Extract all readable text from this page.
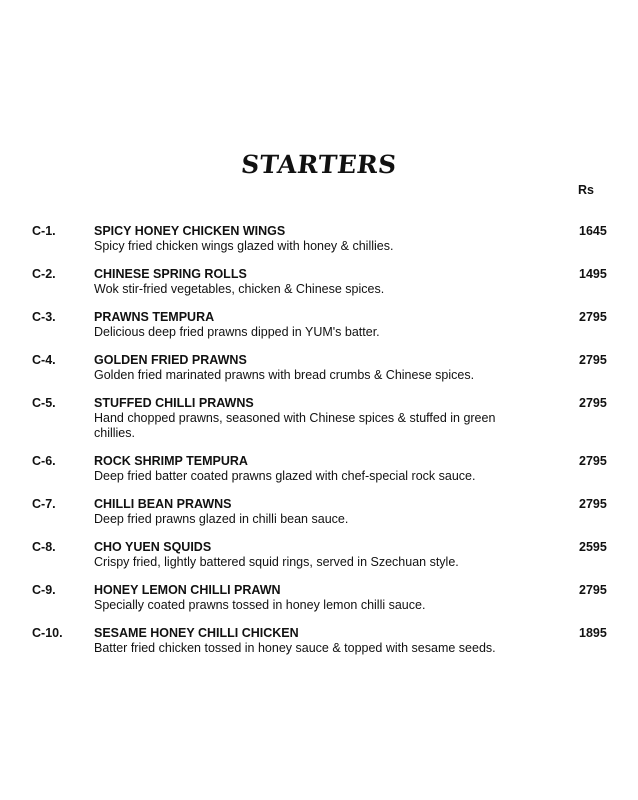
STARTERS
Rs
C-1.	SPICY HONEY CHICKEN WINGS
Spicy fried chicken wings glazed with honey & chillies.
1645
C-2.	CHINESE SPRING ROLLS
Wok stir-fried vegetables, chicken & Chinese spices.
1495
C-3.	PRAWNS TEMPURA
Delicious deep fried prawns dipped in YUM's batter.
2795
C-4.	GOLDEN FRIED PRAWNS
Golden fried marinated prawns with bread crumbs & Chinese spices.
2795
C-5.	STUFFED CHILLI PRAWNS
Hand chopped prawns, seasoned with Chinese spices & stuffed in green chillies.
2795
C-6.	ROCK SHRIMP TEMPURA
Deep fried batter coated prawns glazed with chef-special rock sauce.
2795
C-7.	CHILLI BEAN PRAWNS
Deep fried prawns glazed in chilli bean sauce.
2795
C-8.	CHO YUEN SQUIDS
Crispy fried, lightly battered squid rings, served in Szechuan style.
2595
C-9.	HONEY LEMON CHILLI PRAWN
Specially coated prawns tossed in honey lemon chilli sauce.
2795
C-10.	SESAME HONEY CHILLI CHICKEN
Batter fried chicken tossed in honey sauce & topped with sesame seeds.
1895
